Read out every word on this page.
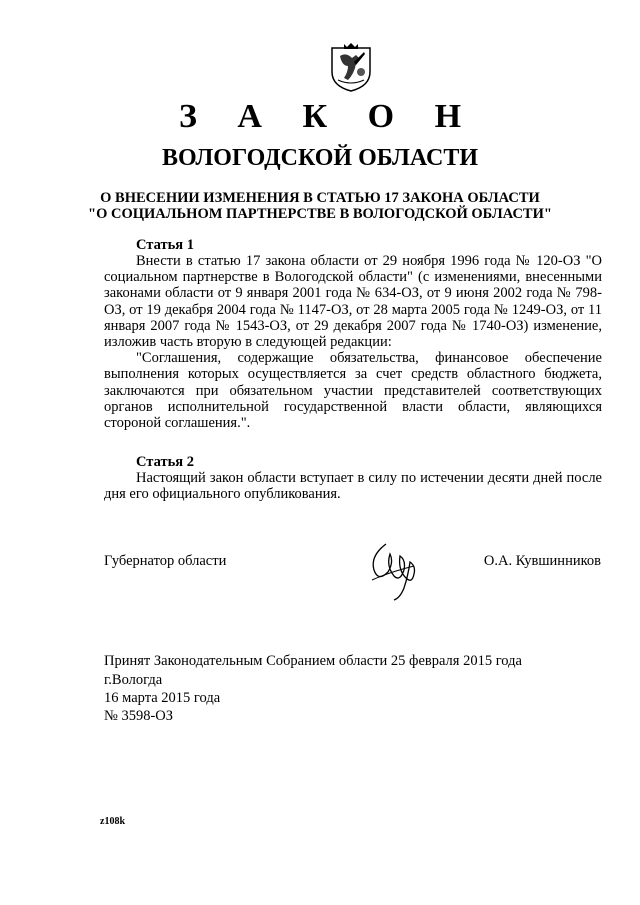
З А К О Н
ВОЛОГОДСКОЙ ОБЛАСТИ
О ВНЕСЕНИИ ИЗМЕНЕНИЯ В СТАТЬЮ 17 ЗАКОНА ОБЛАСТИ
"О СОЦИАЛЬНОМ ПАРТНЕРСТВЕ В ВОЛОГОДСКОЙ ОБЛАСТИ"
Статья 1

Внести в статью 17 закона области от 29 ноября 1996 года № 120-ОЗ "О социальном партнерстве в Вологодской области" (с изменениями, внесенными законами области от 9 января 2001 года № 634-ОЗ, от 9 июня 2002 года № 798-ОЗ, от 19 декабря 2004 года № 1147-ОЗ, от 28 марта 2005 года № 1249-ОЗ, от 11 января 2007 года № 1543-ОЗ, от 29 декабря 2007 года № 1740-ОЗ) изменение, изложив часть вторую в следующей редакции:

"Соглашения, содержащие обязательства, финансовое обеспечение выполнения которых осуществляется за счет средств областного бюджета, заключаются при обязательном участии представителей соответствующих органов исполнительной государственной власти области, являющихся стороной соглашения.".

Статья 2

Настоящий закон области вступает в силу по истечении десяти дней после дня его официального опубликования.

Губернатор области	О.А. Кувшинников
Принят Законодательным Собранием области 25 февраля 2015 года
г.Вологда
16 марта 2015 года
№ 3598-ОЗ
z108k
